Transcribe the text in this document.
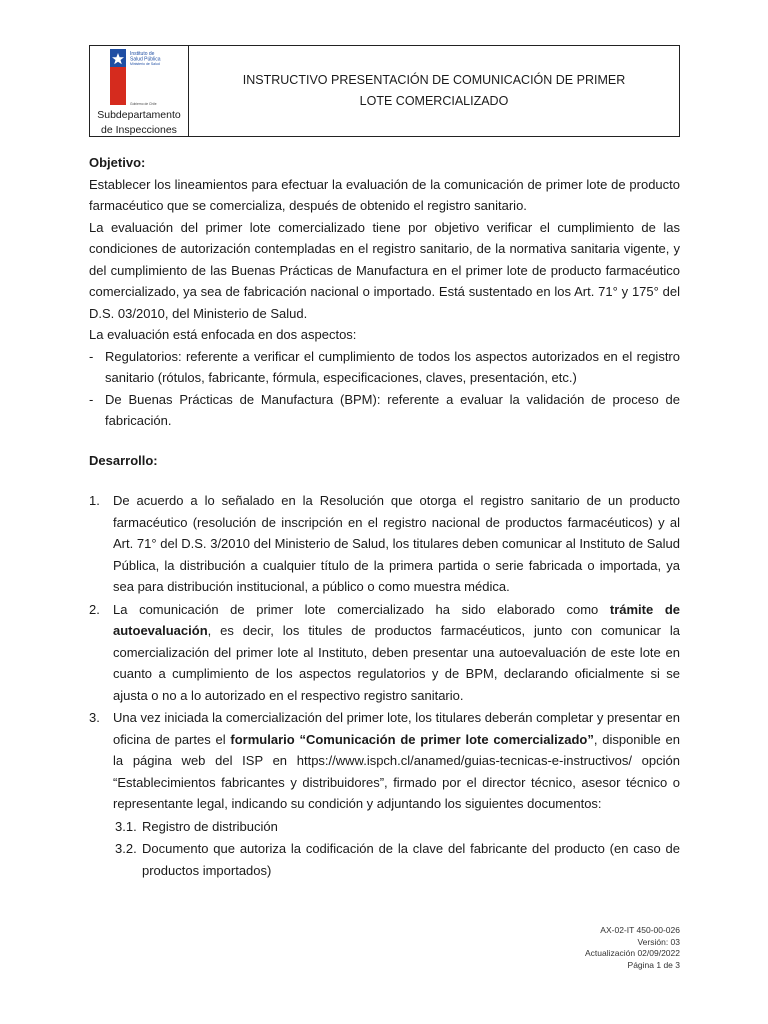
Instituto de
Salud Pública
Ministerio de Salud
Gobierno de Chile
Subdepartamento de Inspecciones
INSTRUCTIVO PRESENTACIÓN DE COMUNICACIÓN DE PRIMER LOTE COMERCIALIZADO
Objetivo:

Establecer los lineamientos para efectuar la evaluación de la comunicación de primer lote de producto farmacéutico que se comercializa, después de obtenido el registro sanitario.

La evaluación del primer lote comercializado tiene por objetivo verificar el cumplimiento de las condiciones de autorización contempladas en el registro sanitario, de la normativa sanitaria vigente, y del cumplimiento de las Buenas Prácticas de Manufactura en el primer lote de producto farmacéutico comercializado, ya sea de fabricación nacional o importado. Está sustentado en los Art. 71° y 175° del D.S. 03/2010, del Ministerio de Salud.

La evaluación está enfocada en dos aspectos:

- Regulatorios: referente a verificar el cumplimiento de todos los aspectos autorizados en el registro sanitario (rótulos, fabricante, fórmula, especificaciones, claves, presentación, etc.)
- De Buenas Prácticas de Manufactura (BPM): referente a evaluar la validación de proceso de fabricación.
Desarrollo:
1.	De acuerdo a lo señalado en la Resolución que otorga el registro sanitario de un producto farmacéutico (resolución de inscripción en el registro nacional de productos farmacéuticos) y al Art. 71° del D.S. 3/2010 del Ministerio de Salud, los titulares deben comunicar al Instituto de Salud Pública, la distribución a cualquier título de la primera partida o serie fabricada o importada, ya sea para distribución institucional, a público o como muestra médica.
2.	La comunicación de primer lote comercializado ha sido elaborado como trámite de autoevaluación, es decir, los titules de productos farmacéuticos, junto con comunicar la comercialización del primer lote al Instituto, deben presentar una autoevaluación de este lote en cuanto a cumplimiento de los aspectos regulatorios y de BPM, declarando oficialmente si se ajusta o no a lo autorizado en el respectivo registro sanitario.
3.	Una vez iniciada la comercialización del primer lote, los titulares deberán completar y presentar en oficina de partes el formulario “Comunicación de primer lote comercializado”, disponible en la página web del ISP en https://www.ispch.cl/anamed/guias-tecnicas-e-instructivos/ opción “Establecimientos fabricantes y distribuidores”, firmado por el director técnico, asesor técnico o representante legal, indicando su condición y adjuntando los siguientes documentos:
3.1. Registro de distribución
3.2. Documento que autoriza la codificación de la clave del fabricante del producto (en caso de productos importados)
AX-02-IT 450-00-026
Versión: 03
Actualización 02/09/2022
Página 1 de 3
